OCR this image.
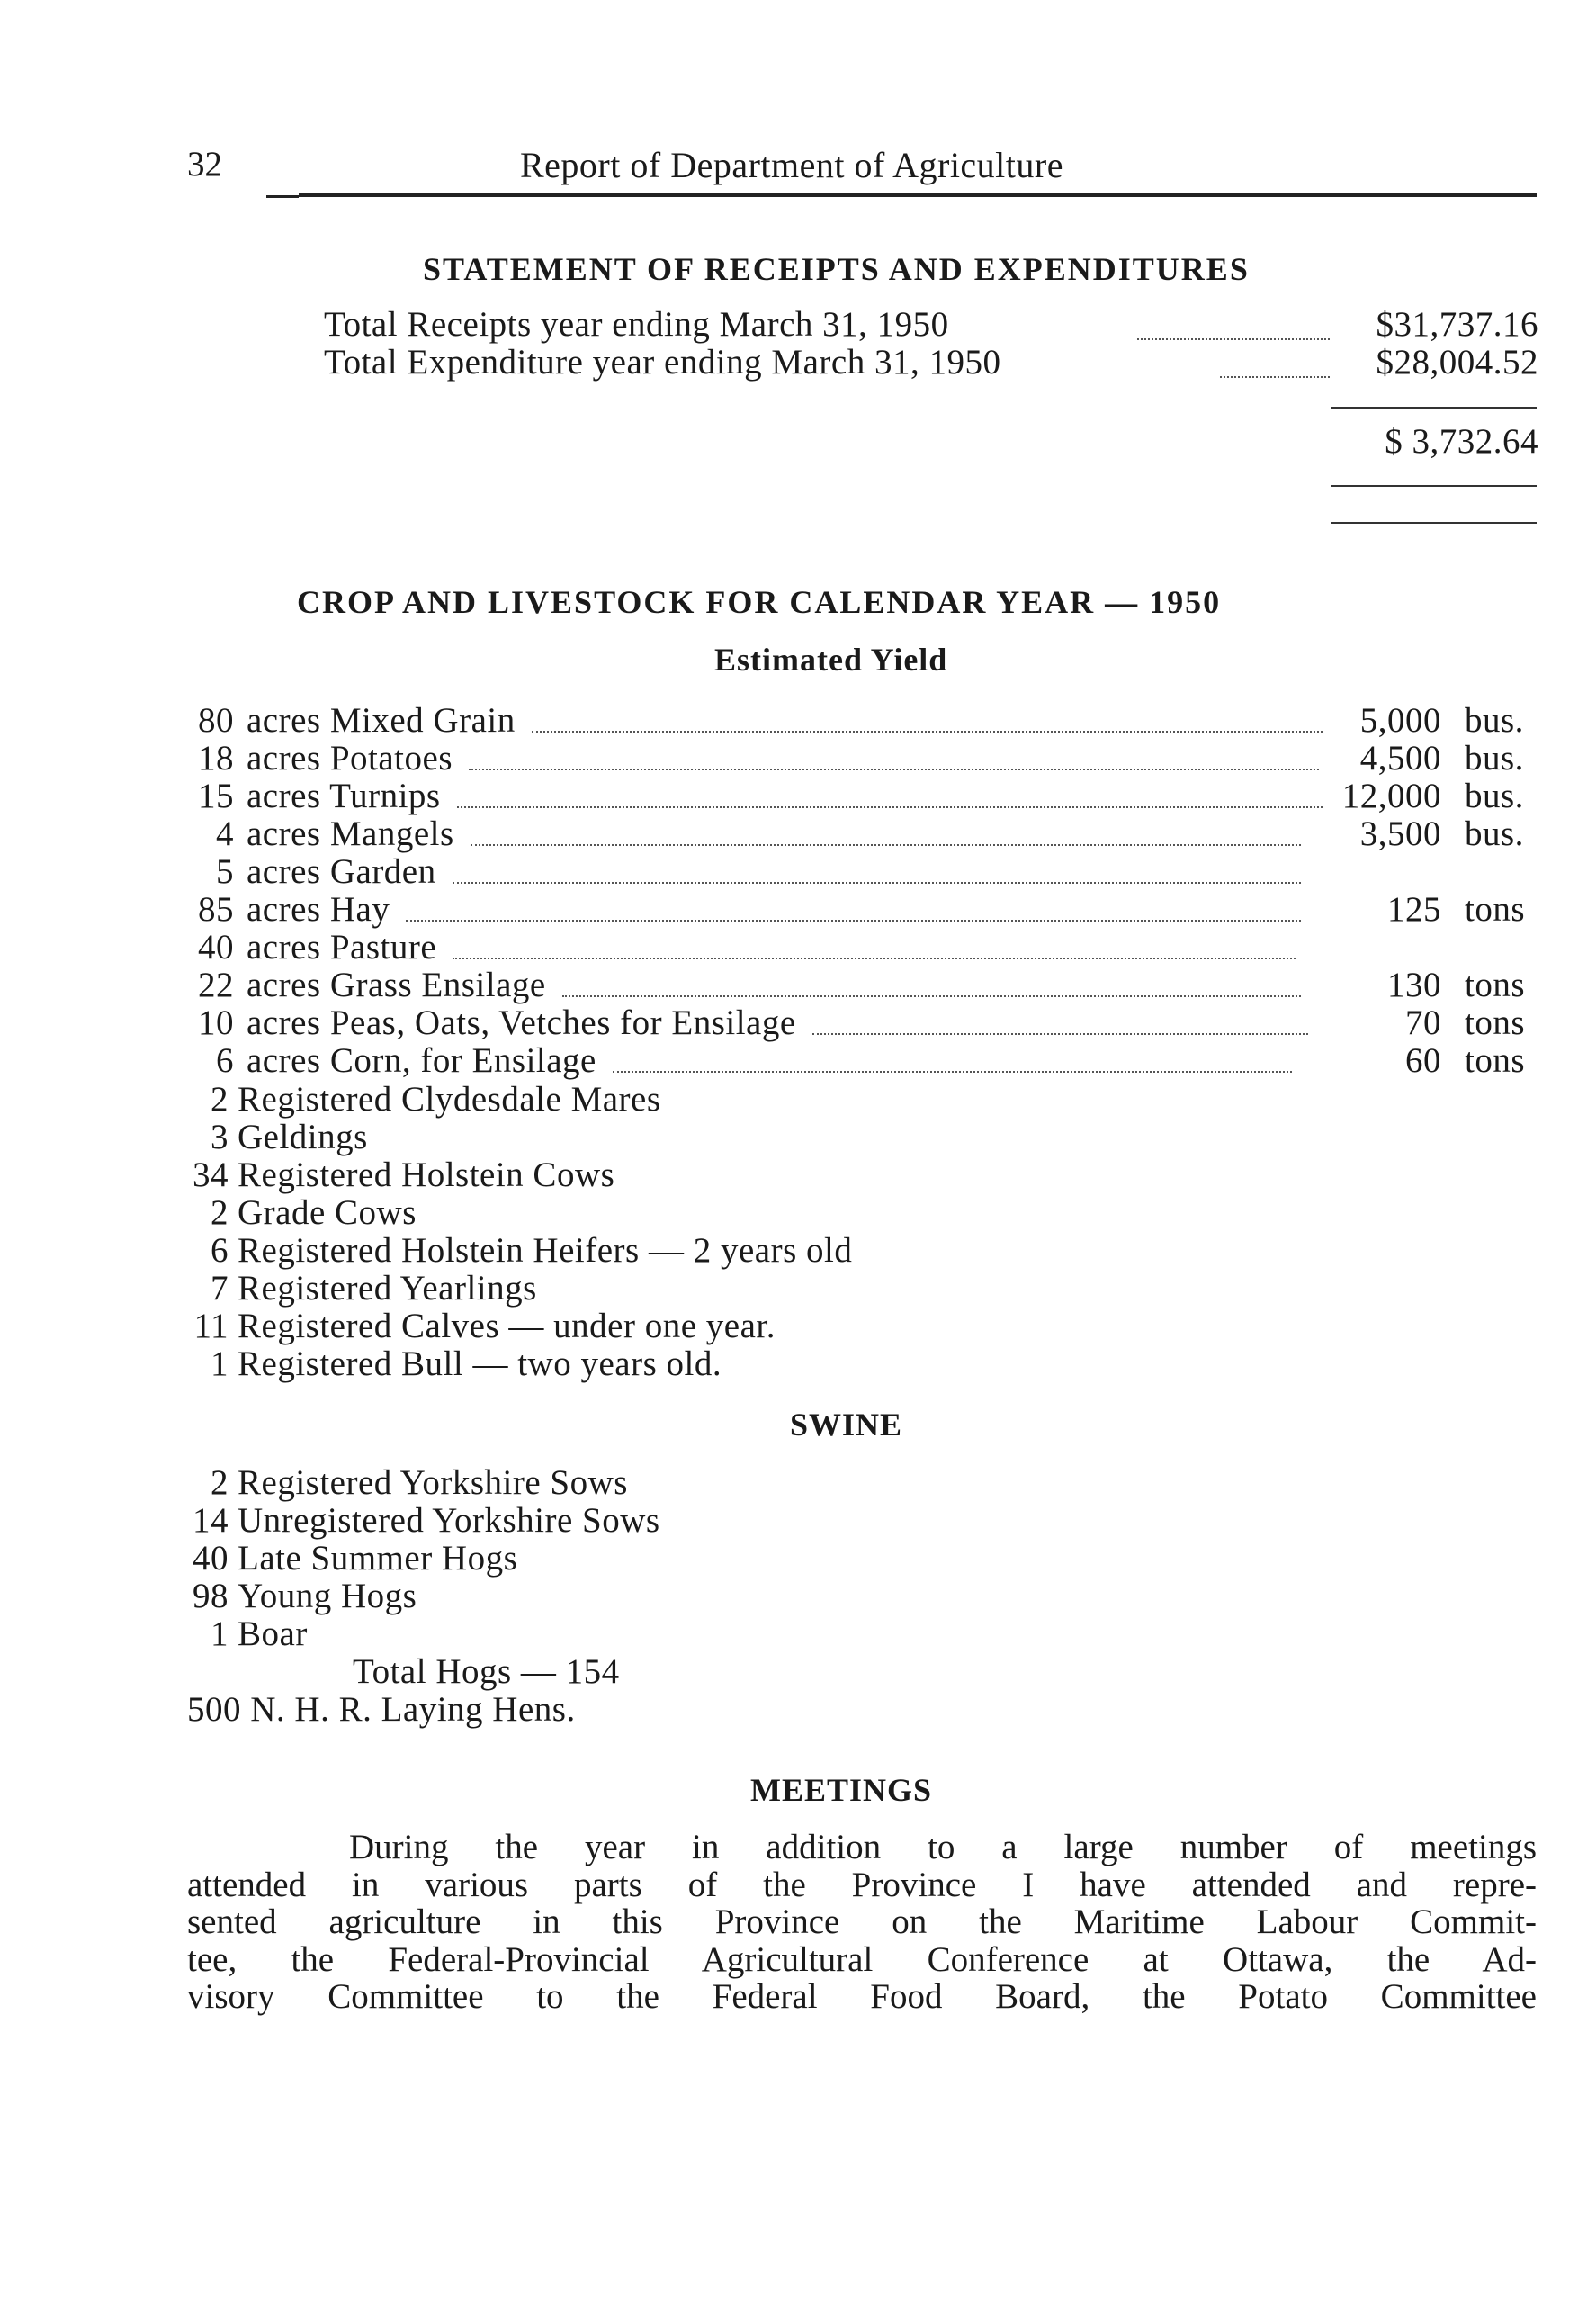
32	Report of Department of Agriculture
STATEMENT OF RECEIPTS AND EXPENDITURES
Total Receipts year ending March 31, 1950	$31,737.16
Total Expenditure year ending March 31, 1950	$28,004.52
$ 3,732.64
CROP AND LIVESTOCK FOR CALENDAR YEAR — 1950
Estimated Yield
80 acres Mixed Grain	5,000 bus.
18 acres Potatoes	4,500 bus.
15 acres Turnips	12,000 bus.
4 acres Mangels	3,500 bus.
5 acres Garden
85 acres Hay	125 tons
40 acres Pasture
22 acres Grass Ensilage	130 tons
10 acres Peas, Oats, Vetches for Ensilage	70 tons
6 acres Corn, for Ensilage	60 tons
2 Registered Clydesdale Mares
3 Geldings
34 Registered Holstein Cows
2 Grade Cows
6 Registered Holstein Heifers — 2 years old
7 Registered Yearlings
11 Registered Calves — under one year.
1 Registered Bull — two years old.
SWINE
2 Registered Yorkshire Sows
14 Unregistered Yorkshire Sows
40 Late Summer Hogs
98 Young Hogs
1 Boar
Total Hogs — 154
500 N. H. R. Laying Hens.
MEETINGS
During the year in addition to a large number of meetings
attended in various parts of the Province I have attended and repre-
sented agriculture in this Province on the Maritime Labour Commit-
tee, the Federal-Provincial Agricultural Conference at Ottawa, the Ad-
visory Committee to the Federal Food Board, the Potato Committee
